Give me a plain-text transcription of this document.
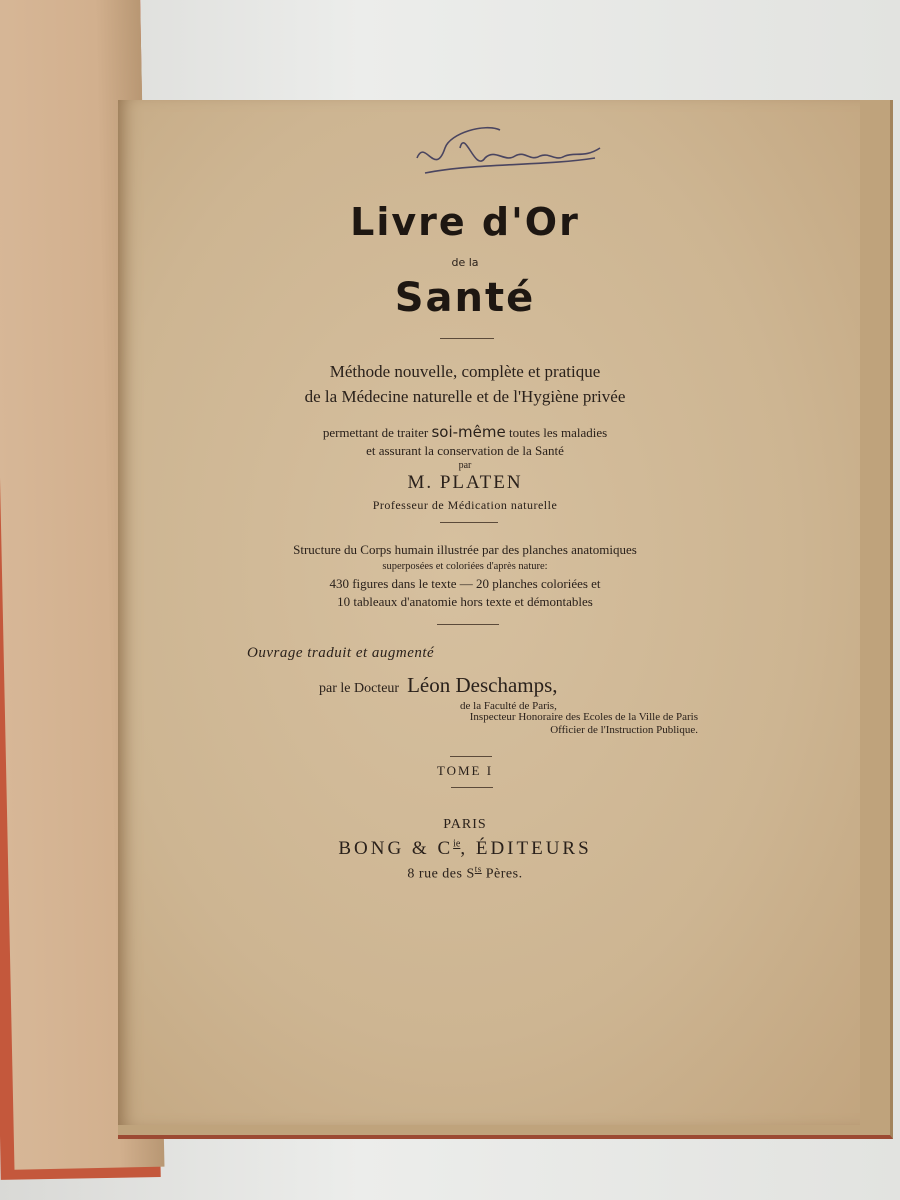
Livre d'Or
de la
Santé
Méthode nouvelle, complète et pratique
de la Médecine naturelle et de l'Hygiène privée
permettant de traiter soi-même toutes les maladies
et assurant la conservation de la Santé
par
M. PLATEN
Professeur de Médication naturelle
Structure du Corps humain illustrée par des planches anatomiques
superposées et coloriées d'après nature:
430 figures dans le texte — 20 planches coloriées et
10 tableaux d'anatomie hors texte et démontables
Ouvrage traduit et augmenté
par le Docteur Léon Deschamps,
de la Faculté de Paris,
Inspecteur Honoraire des Ecoles de la Ville de Paris
Officier de l'Instruction Publique.
TOME I
PARIS
BONG & $C^{ie}$, ÉDITEURS
8 rue des $S^{ts}$ Pères.
